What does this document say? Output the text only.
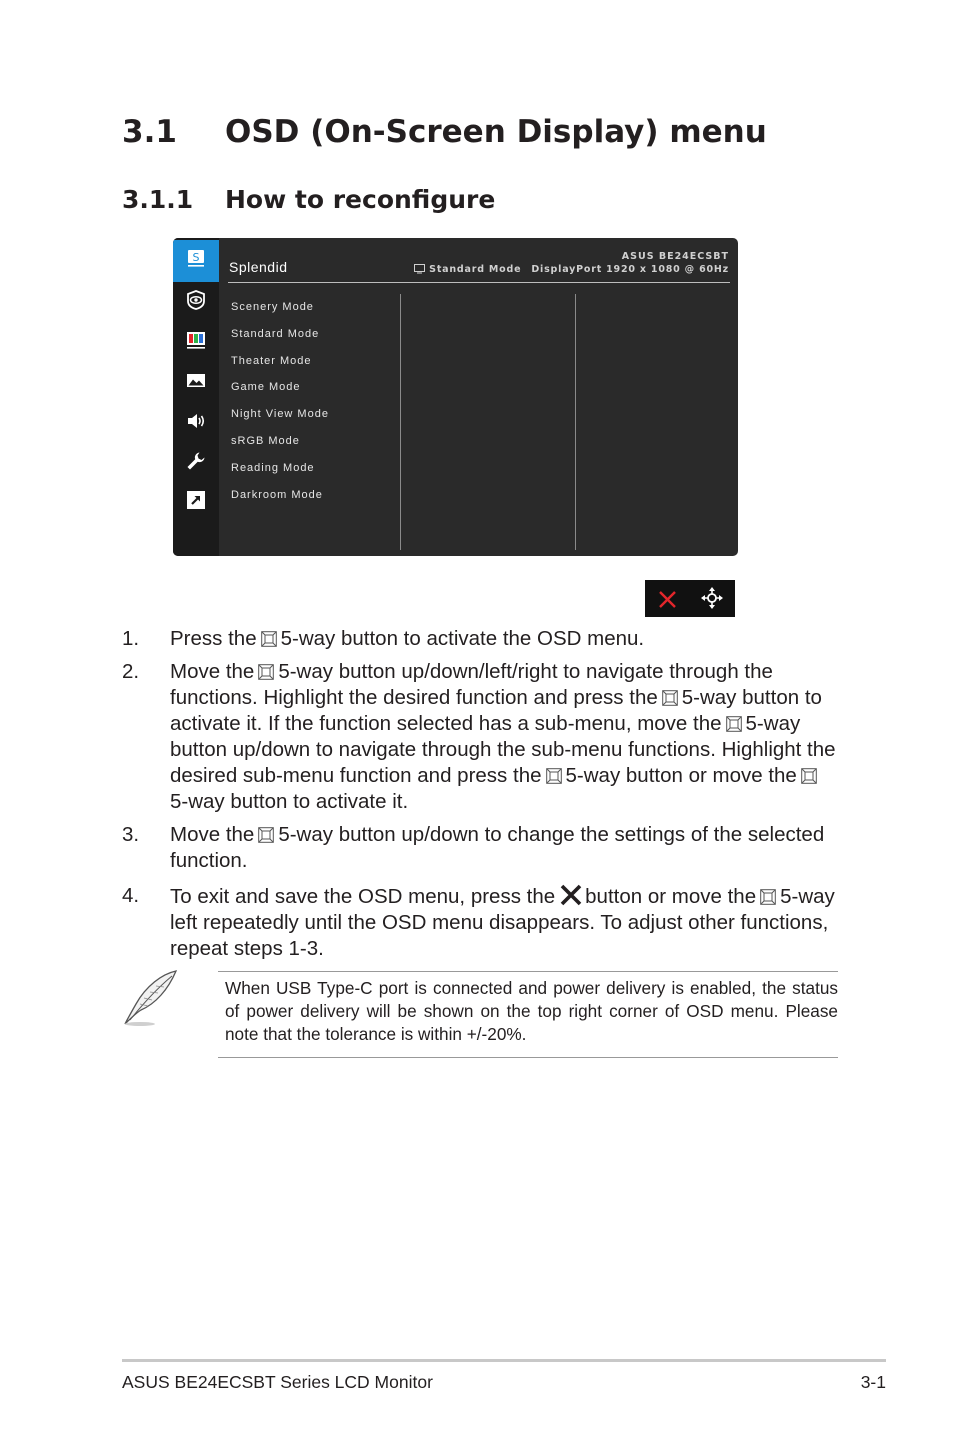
3.1 OSD (On-Screen Display) menu
3.1.1 How to reconfigure
S
Splendid
ASUS BE24ECSBT
Standard Mode DisplayPort 1920 x 1080 @ 60Hz
Scenery Mode
Standard Mode
Theater Mode
Game Mode
Night View Mode
sRGB Mode
Reading Mode
Darkroom Mode
1. Press the 5-way button to activate the OSD menu.
2. Move the 5-way button up/down/left/right to navigate through the
functions. Highlight the desired function and press the 5-way button to
activate it. If the function selected has a sub-menu, move the 5-way
button up/down to navigate through the sub-menu functions. Highlight the
desired sub-menu function and press the 5-way button or move the
5-way button to activate it.
3. Move the 5-way button up/down to change the settings of the selected
function.
4. To exit and save the OSD menu, press the button or move the 5-way
left repeatedly until the OSD menu disappears. To adjust other functions,
repeat steps 1-3.
When USB Type-C port is connected and power delivery is enabled, the status of power delivery will be shown on the top right corner of OSD menu. Please note that the tolerance is within +/-20%.
ASUS BE24ECSBT Series LCD Monitor	3-1
